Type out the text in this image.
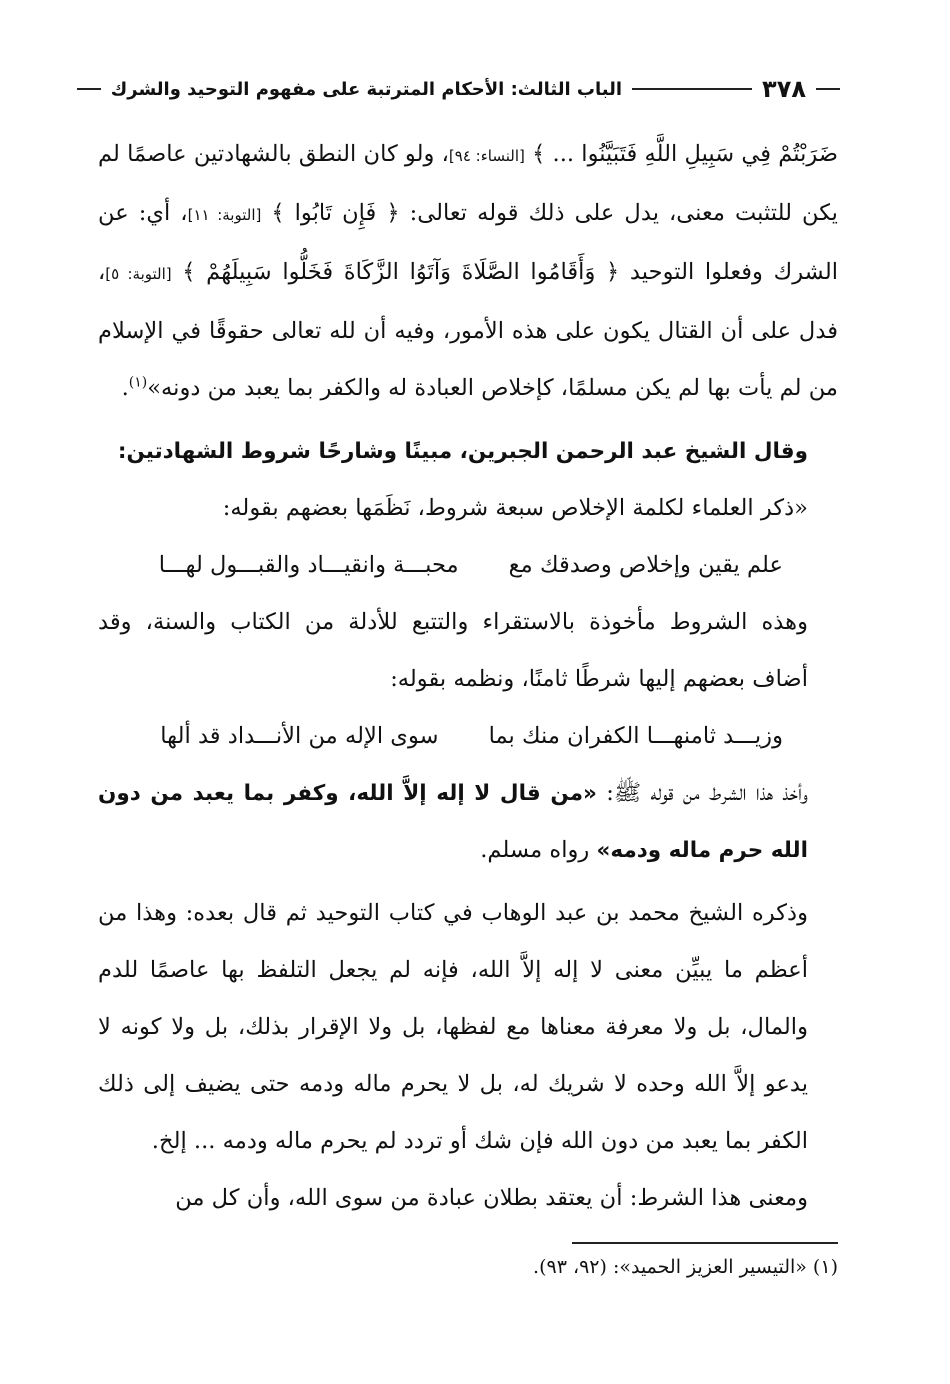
٣٧٨
الباب الثالث: الأحكام المترتبة على مفهوم التوحيد والشرك

ضَرَبْتُمْ فِي سَبِيلِ اللَّهِ فَتَبَيَّنُوا ... ﴾ [النساء: ٩٤]، ولو كان النطق بالشهادتين عاصمًا لم يكن للتثبت معنى، يدل على ذلك قوله تعالى: ﴿ فَإِن تَابُوا ﴾ [التوبة: ١١]، أي: عن الشرك وفعلوا التوحيد ﴿ وَأَقَامُوا الصَّلَاةَ وَآتَوُا الزَّكَاةَ فَخَلُّوا سَبِيلَهُمْ ﴾ [التوبة: ٥]، فدل على أن القتال يكون على هذه الأمور، وفيه أن لله تعالى حقوقًا في الإسلام من لم يأت بها لم يكن مسلمًا، كإخلاص العبادة له والكفر بما يعبد من دونه»$^{(١)}$.

وقال الشيخ عبد الرحمن الجبرين، مبينًا وشارحًا شروط الشهادتين:

«ذكر العلماء لكلمة الإخلاص سبعة شروط، نَظَمَها بعضهم بقوله:

علم يقين وإخلاص وصدقك مع
محبـــة وانقيـــاد والقبـــول لهـــا

وهذه الشروط مأخوذة بالاستقراء والتتبع للأدلة من الكتاب والسنة، وقد أضاف بعضهم إليها شرطًا ثامنًا، ونظمه بقوله:

وزيـــد ثامنهـــا الكفران منك بما
سوى الإله من الأنـــداد قد ألها

وأخذ هذا الشرط من قوله ﷺ: «من قال لا إله إلاَّ الله، وكفر بما يعبد من دون الله حرم ماله ودمه» رواه مسلم.

وذكره الشيخ محمد بن عبد الوهاب في كتاب التوحيد ثم قال بعده: وهذا من أعظم ما يبيِّن معنى لا إله إلاَّ الله، فإنه لم يجعل التلفظ بها عاصمًا للدم والمال، بل ولا معرفة معناها مع لفظها، بل ولا الإقرار بذلك، بل ولا كونه لا يدعو إلاَّ الله وحده لا شريك له، بل لا يحرم ماله ودمه حتى يضيف إلى ذلك الكفر بما يعبد من دون الله فإن شك أو تردد لم يحرم ماله ودمه ... إلخ.

ومعنى هذا الشرط: أن يعتقد بطلان عبادة من سوى الله، وأن كل من

(١) «التيسير العزيز الحميد»: (٩٢، ٩٣).
